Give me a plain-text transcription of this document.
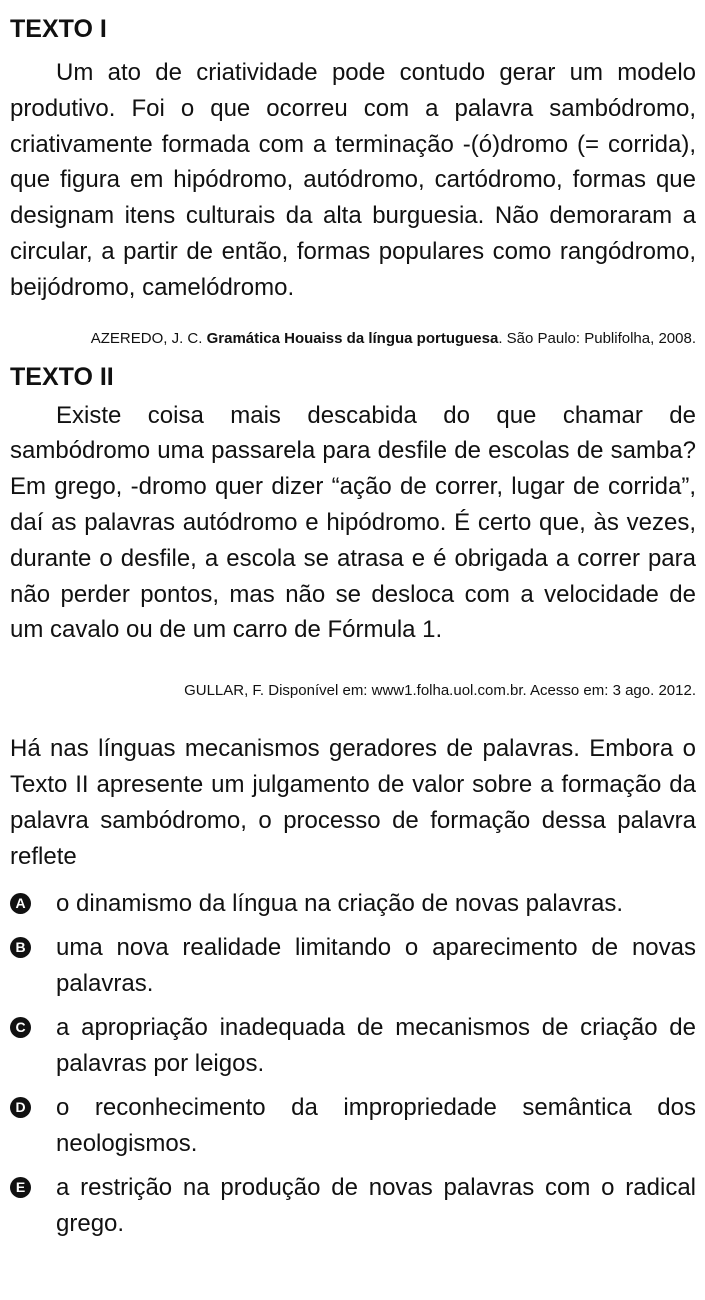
TEXTO I

Um ato de criatividade pode contudo gerar um modelo produtivo. Foi o que ocorreu com a palavra sambódromo, criativamente formada com a terminação -(ó)dromo (= corrida), que figura em hipódromo, autódromo, cartódromo, formas que designam itens culturais da alta burguesia. Não demoraram a circular, a partir de então, formas populares como rangódromo, beijódromo, camelódromo.

AZEREDO, J. C. Gramática Houaiss da língua portuguesa. São Paulo: Publifolha, 2008.

TEXTO II

Existe coisa mais descabida do que chamar de sambódromo uma passarela para desfile de escolas de samba? Em grego, -dromo quer dizer “ação de correr, lugar de corrida”, daí as palavras autódromo e hipódromo. É certo que, às vezes, durante o desfile, a escola se atrasa e é obrigada a correr para não perder pontos, mas não se desloca com a velocidade de um cavalo ou de um carro de Fórmula 1.

GULLAR, F. Disponível em: www1.folha.uol.com.br. Acesso em: 3 ago. 2012.

Há nas línguas mecanismos geradores de palavras. Embora o Texto II apresente um julgamento de valor sobre a formação da palavra sambódromo, o processo de formação dessa palavra reflete

A o dinamismo da língua na criação de novas palavras.
B uma nova realidade limitando o aparecimento de novas palavras.
C a apropriação inadequada de mecanismos de criação de palavras por leigos.
D o reconhecimento da impropriedade semântica dos neologismos.
E a restrição na produção de novas palavras com o radical grego.
